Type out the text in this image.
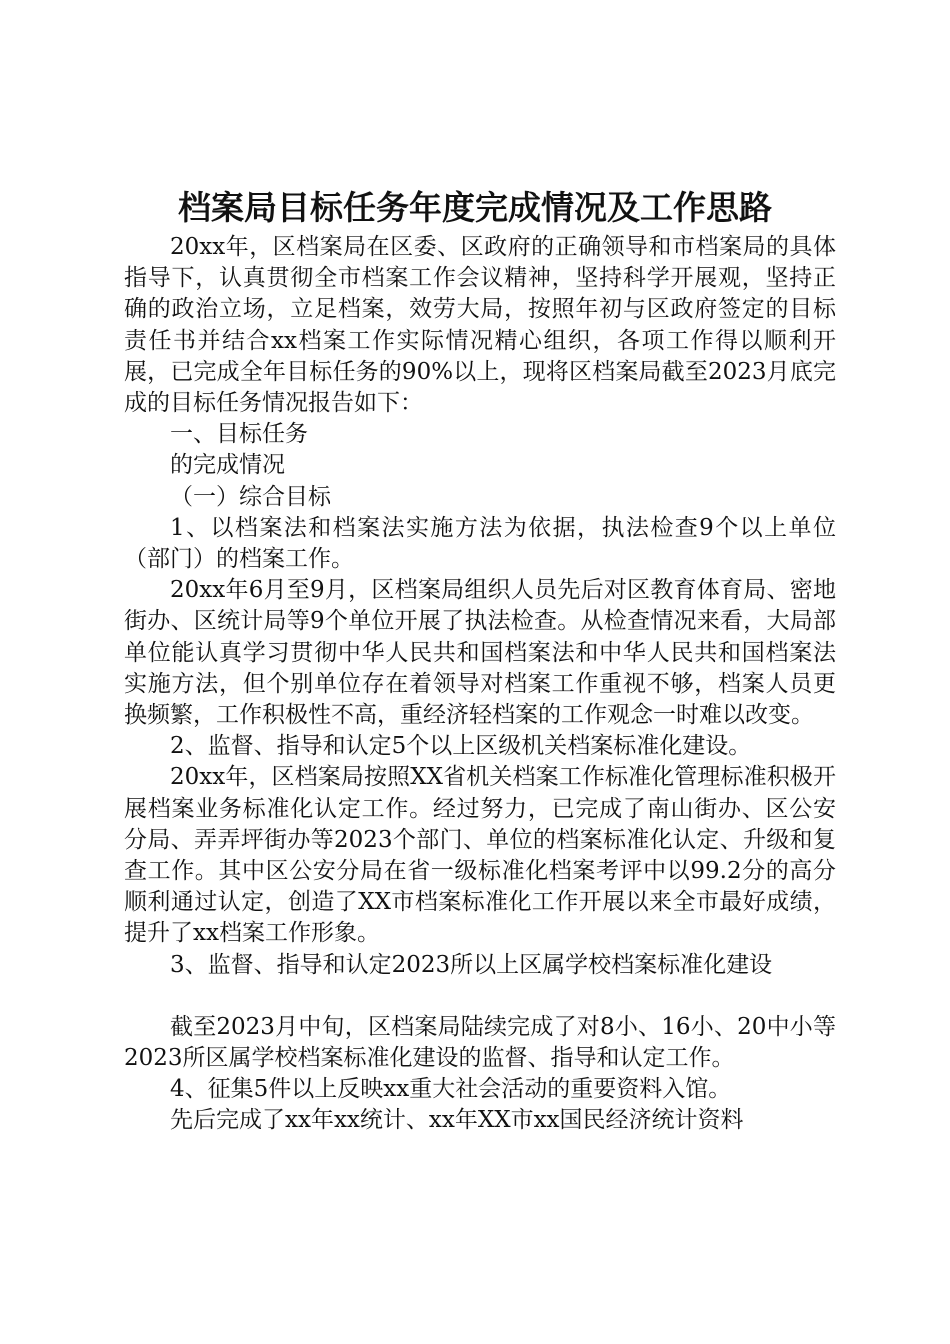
档案局目标任务年度完成情况及工作思路

20xx年，区档案局在区委、区政府的正确领导和市档案局的具体指导下，认真贯彻全市档案工作会议精神，坚持科学开展观，坚持正确的政治立场，立足档案，效劳大局，按照年初与区政府签定的目标责任书并结合xx档案工作实际情况精心组织，各项工作得以顺利开展，已完成全年目标任务的90%以上，现将区档案局截至2023月底完成的目标任务情况报告如下：

一、目标任务

的完成情况

（一）综合目标

1、以档案法和档案法实施方法为依据，执法检查9个以上单位（部门）的档案工作。

20xx年6月至9月，区档案局组织人员先后对区教育体育局、密地街办、区统计局等9个单位开展了执法检查。从检查情况来看，大局部单位能认真学习贯彻中华人民共和国档案法和中华人民共和国档案法实施方法，但个别单位存在着领导对档案工作重视不够，档案人员更换频繁，工作积极性不高，重经济轻档案的工作观念一时难以改变。

2、监督、指导和认定5个以上区级机关档案标准化建设。

20xx年，区档案局按照XX省机关档案工作标准化管理标准积极开展档案业务标准化认定工作。经过努力，已完成了南山街办、区公安分局、弄弄坪街办等2023个部门、单位的档案标准化认定、升级和复查工作。其中区公安分局在省一级标准化档案考评中以99.2分的高分顺利通过认定，创造了XX市档案标准化工作开展以来全市最好成绩，提升了xx档案工作形象。

3、监督、指导和认定2023所以上区属学校档案标准化建设

截至2023月中旬，区档案局陆续完成了对8小、16小、20中小等2023所区属学校档案标准化建设的监督、指导和认定工作。

4、征集5件以上反映xx重大社会活动的重要资料入馆。

先后完成了xx年xx统计、xx年XX市xx国民经济统计资料
